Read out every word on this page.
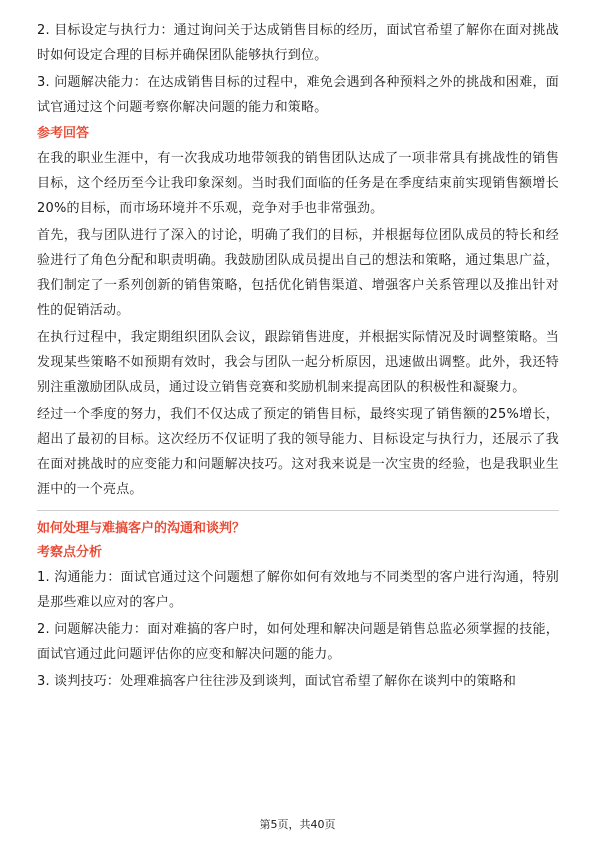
2. 目标设定与执行力：通过询问关于达成销售目标的经历，面试官希望了解你在面对挑战时如何设定合理的目标并确保团队能够执行到位。

3. 问题解决能力：在达成销售目标的过程中，难免会遇到各种预料之外的挑战和困难，面试官通过这个问题考察你解决问题的能力和策略。

参考回答

在我的职业生涯中，有一次我成功地带领我的销售团队达成了一项非常具有挑战性的销售目标，这个经历至今让我印象深刻。当时我们面临的任务是在季度结束前实现销售额增长20%的目标，而市场环境并不乐观，竞争对手也非常强劲。

首先，我与团队进行了深入的讨论，明确了我们的目标，并根据每位团队成员的特长和经验进行了角色分配和职责明确。我鼓励团队成员提出自己的想法和策略，通过集思广益，我们制定了一系列创新的销售策略，包括优化销售渠道、增强客户关系管理以及推出针对性的促销活动。

在执行过程中，我定期组织团队会议，跟踪销售进度，并根据实际情况及时调整策略。当发现某些策略不如预期有效时，我会与团队一起分析原因，迅速做出调整。此外，我还特别注重激励团队成员，通过设立销售竞赛和奖励机制来提高团队的积极性和凝聚力。

经过一个季度的努力，我们不仅达成了预定的销售目标，最终实现了销售额的25%增长，超出了最初的目标。这次经历不仅证明了我的领导能力、目标设定与执行力，还展示了我在面对挑战时的应变能力和问题解决技巧。这对我来说是一次宝贵的经验，也是我职业生涯中的一个亮点。

如何处理与难搞客户的沟通和谈判？
考察点分析

1. 沟通能力：面试官通过这个问题想了解你如何有效地与不同类型的客户进行沟通，特别是那些难以应对的客户。

2. 问题解决能力：面对难搞的客户时，如何处理和解决问题是销售总监必须掌握的技能，面试官通过此问题评估你的应变和解决问题的能力。

3. 谈判技巧：处理难搞客户往往涉及到谈判，面试官希望了解你在谈判中的策略和

第5页，共40页
